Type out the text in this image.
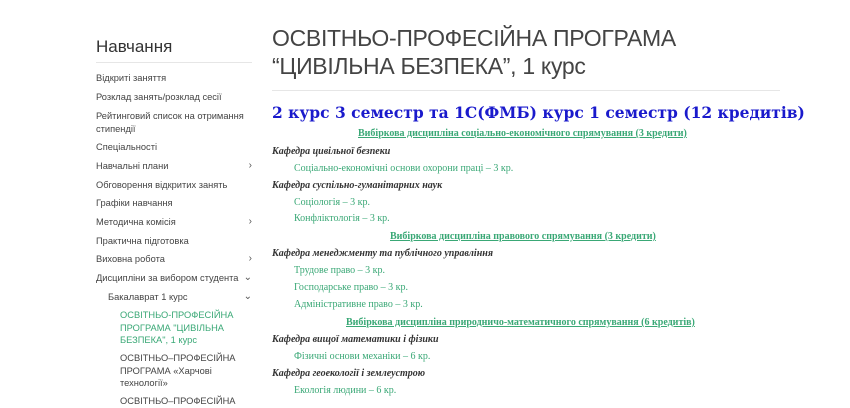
Навчання
Відкриті заняття
Розклад занять/розклад сесії
Рейтинговий список на отримання стипендії
Спеціальності
Навчальні плани	›
Обговорення відкритих занять
Графіки навчання
Методична комісія	›
Практична підготовка
Виховна робота	›
Дисципліни за вибором студента ⌄
Бакалаврат 1 курс	⌄
ОСВІТНЬО-ПРОФЕСІЙНА ПРОГРАМА "ЦИВІЛЬНА БЕЗПЕКА", 1 курс
ОСВІТНЬО–ПРОФЕСІЙНА ПРОГРАМА «Харчові технології»
ОСВІТНЬО–ПРОФЕСІЙНА
ОСВІТНЬО-ПРОФЕСІЙНА ПРОГРАМА
“ЦИВІЛЬНА БЕЗПЕКА”, 1 курс
2 курс 3 семестр та 1С(ФМБ) курс 1 семестр (12 кредитів)
Вибіркова дисципліна соціально-економічного спрямування (3 кредити)
Кафедра цивільної безпеки
Соціально-економічні основи охорони праці – 3 кр.
Кафедра суспільно-гуманітарних наук
Соціологія – 3 кр.
Конфліктологія – 3 кр.
Вибіркова дисципліна правового спрямування (3 кредити)
Кафедра менеджменту та публічного управління
Трудове право – 3 кр.
Господарське право – 3 кр.
Адміністративне право – 3 кр.
Вибіркова дисципліна природничо-математичного спрямування (6 кредитів)
Кафедра вищої математики і фізики
Фізичні основи механіки – 6 кр.
Кафедра геоекології і землеустрою
Екологія людини – 6 кр.
